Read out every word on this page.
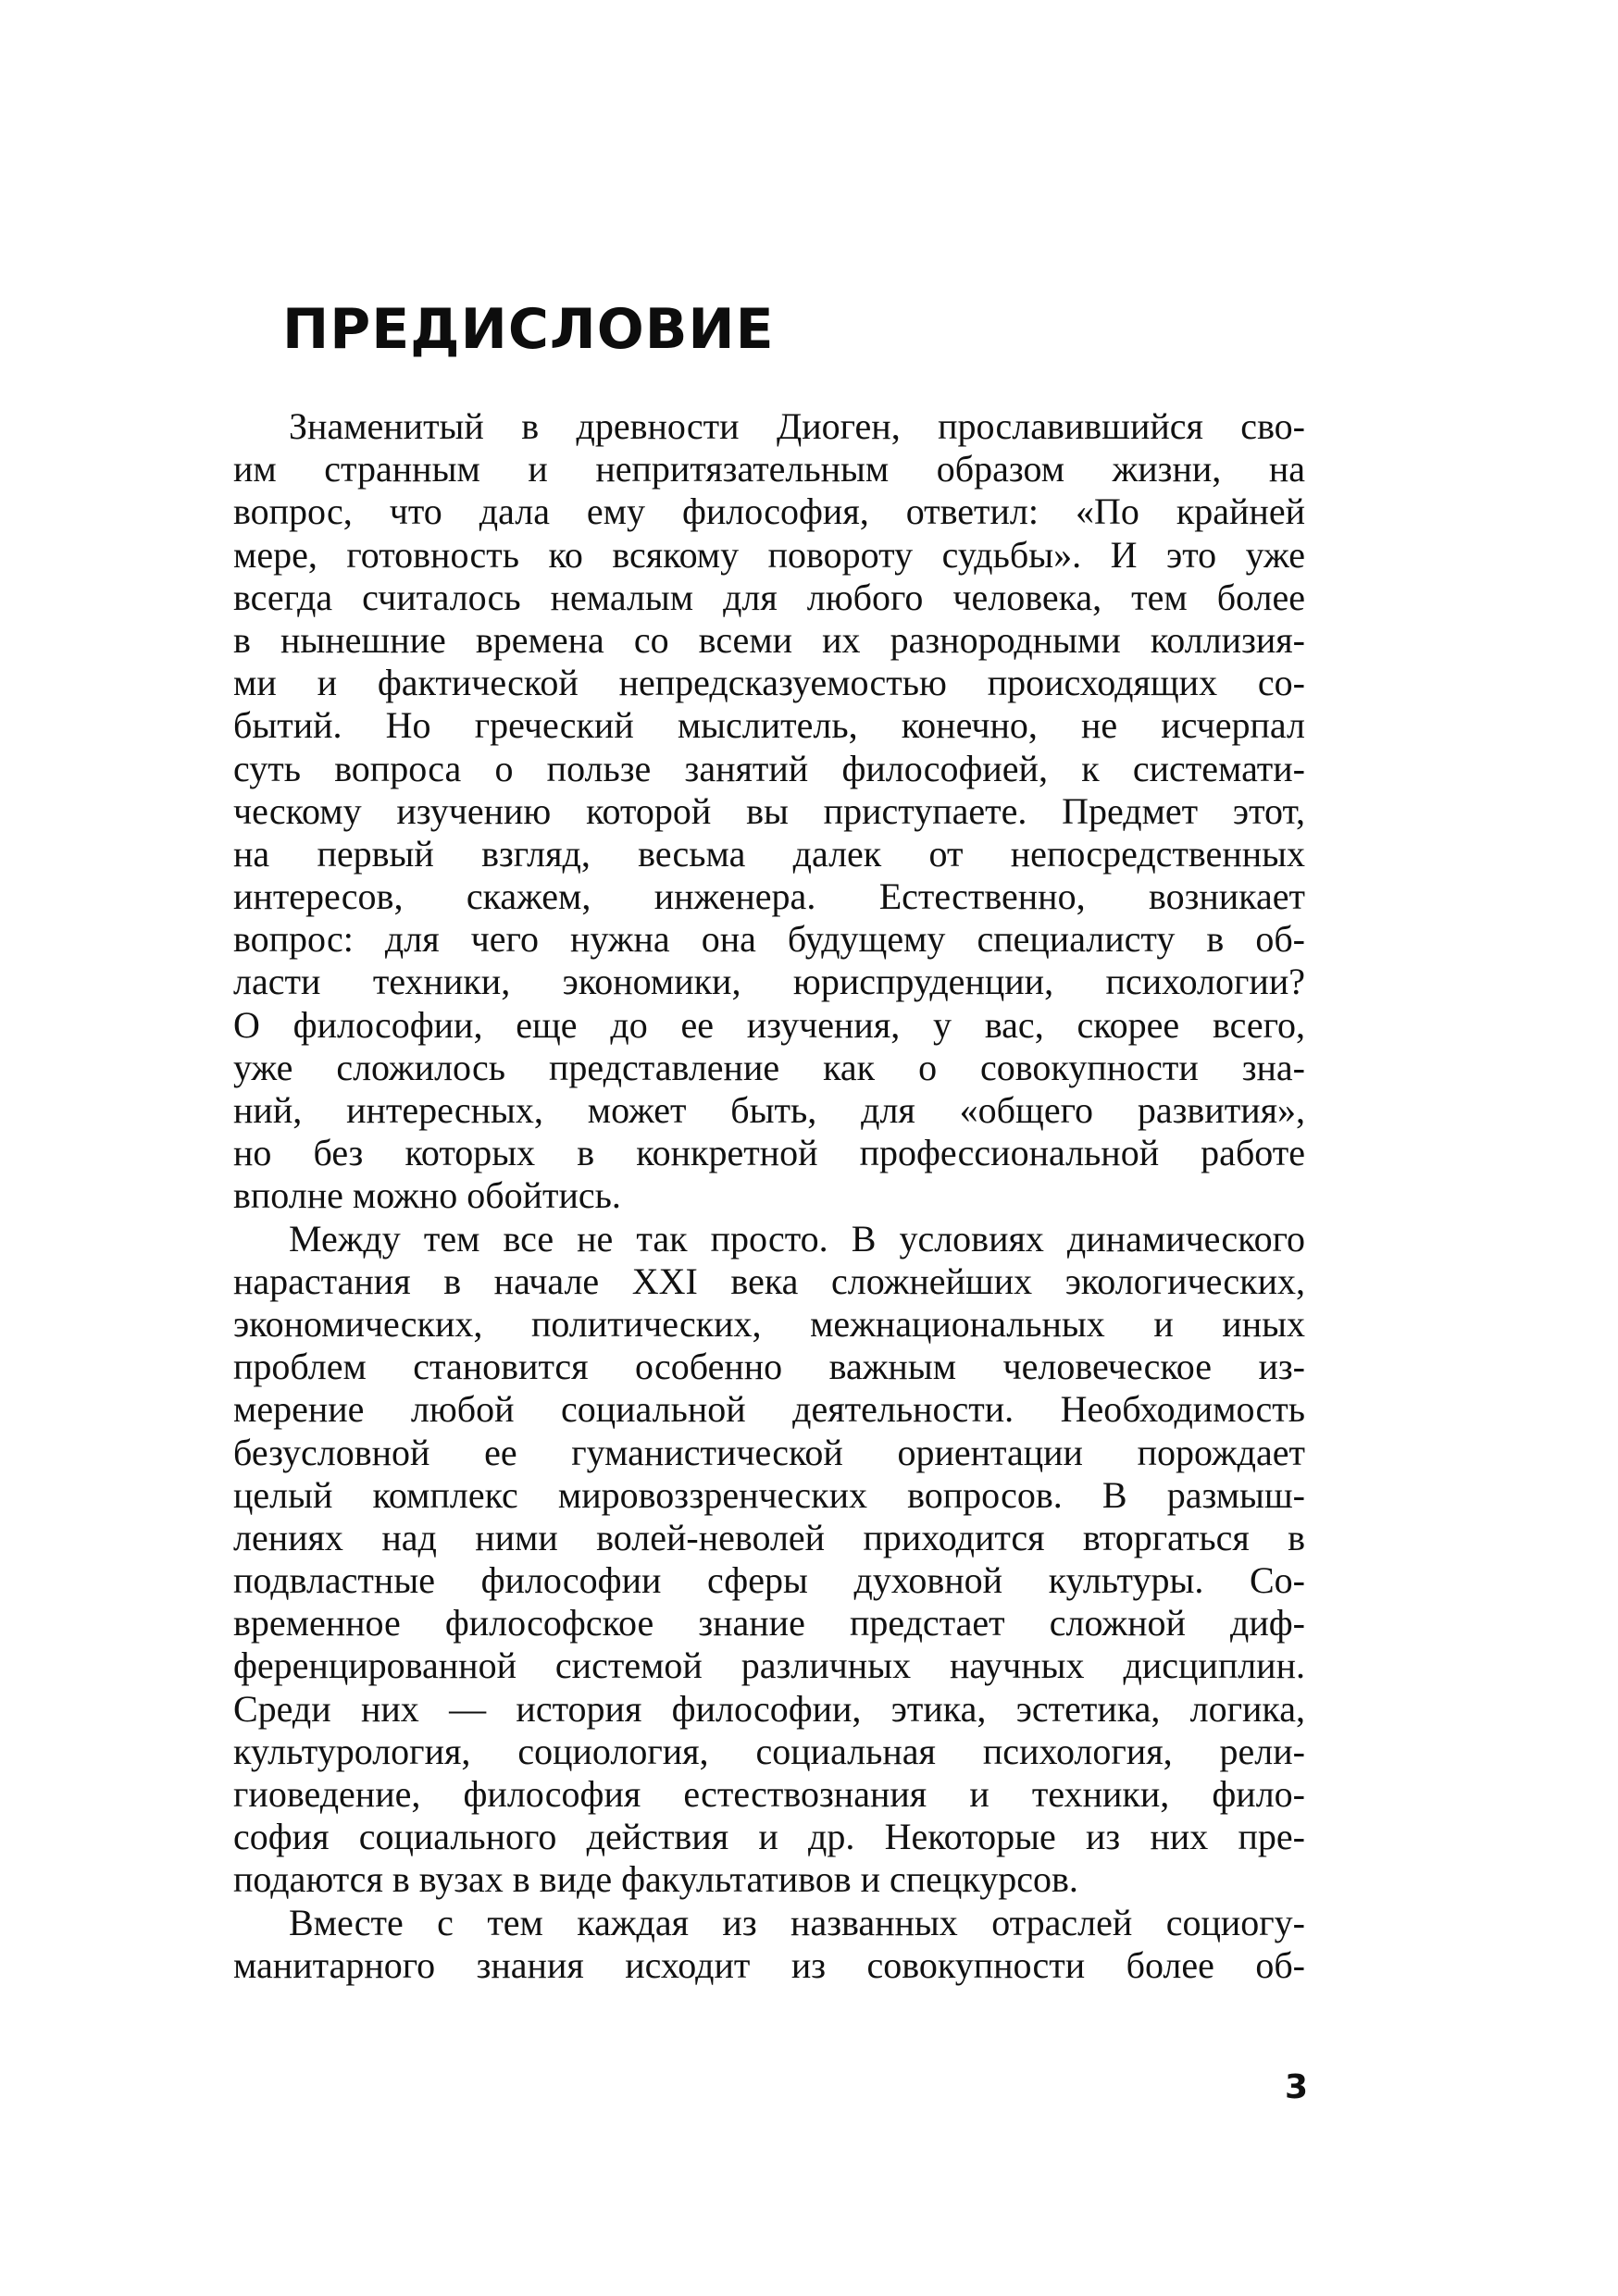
ПРЕДИСЛОВИЕ
Знаменитый в древности Диоген, прославившийся сво-
им странным и непритязательным образом жизни, на
вопрос, что дала ему философия, ответил: «По крайней
мере, готовность ко всякому повороту судьбы». И это уже
всегда считалось немалым для любого человека, тем более
в нынешние времена со всеми их разнородными коллизия-
ми и фактической непредсказуемостью происходящих со-
бытий. Но греческий мыслитель, конечно, не исчерпал
суть вопроса о пользе занятий философией, к системати-
ческому изучению которой вы приступаете. Предмет этот,
на первый взгляд, весьма далек от непосредственных
интересов, скажем, инженера. Естественно, возникает
вопрос: для чего нужна она будущему специалисту в об-
ласти техники, экономики, юриспруденции, психологии?
О философии, еще до ее изучения, у вас, скорее всего,
уже сложилось представление как о совокупности зна-
ний, интересных, может быть, для «общего развития»,
но без которых в конкретной профессиональной работе
вполне можно обойтись.
Между тем все не так просто. В условиях динамического
нарастания в начале XXI века сложнейших экологических,
экономических, политических, межнациональных и иных
проблем становится особенно важным человеческое из-
мерение любой социальной деятельности. Необходимость
безусловной ее гуманистической ориентации порождает
целый комплекс мировоззренческих вопросов. В размыш-
лениях над ними волей-неволей приходится вторгаться в
подвластные философии сферы духовной культуры. Со-
временное философское знание предстает сложной диф-
ференцированной системой различных научных дисциплин.
Среди них — история философии, этика, эстетика, логика,
культурология, социология, социальная психология, рели-
гиоведение, философия естествознания и техники, фило-
софия социального действия и др. Некоторые из них пре-
подаются в вузах в виде факультативов и спецкурсов.
Вместе с тем каждая из названных отраслей социогу-
манитарного знания исходит из совокупности более об-
3
